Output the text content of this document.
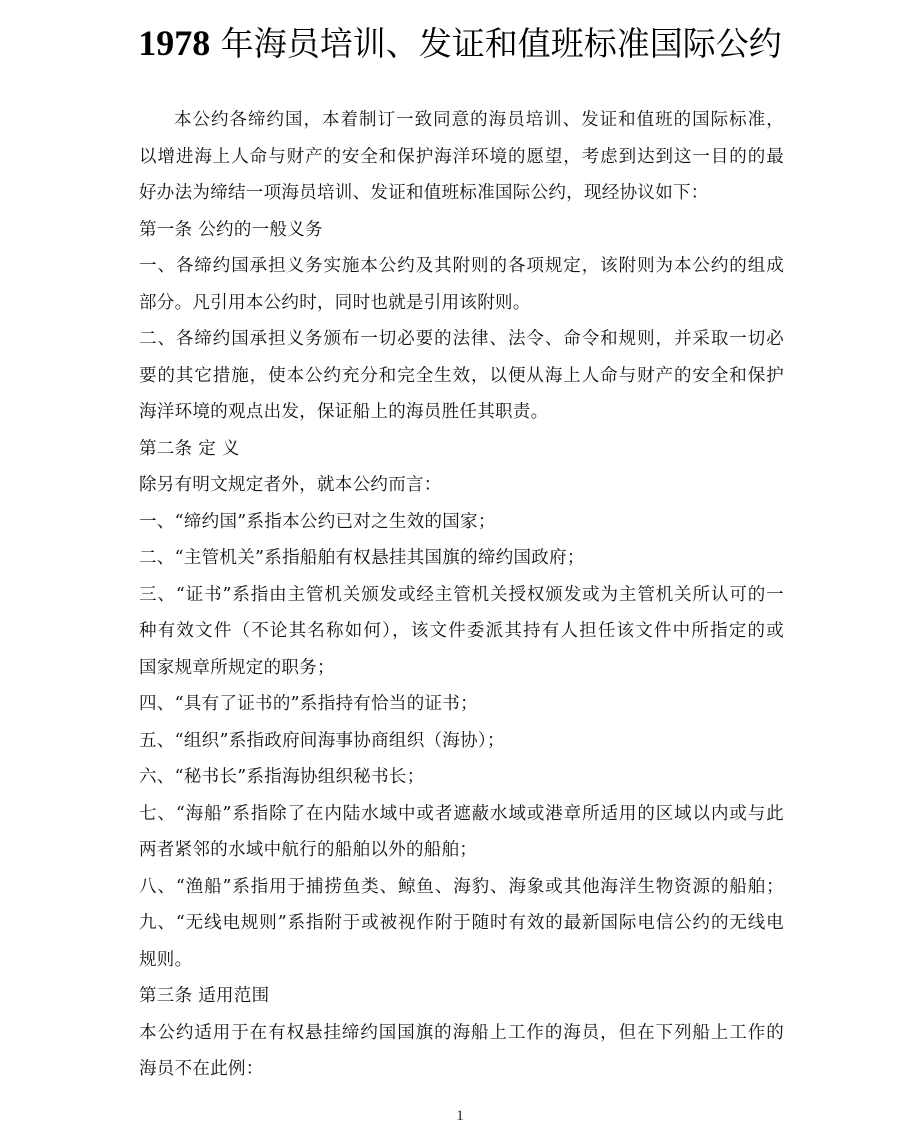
1978 年海员培训、发证和值班标准国际公约
本公约各缔约国，本着制订一致同意的海员培训、发证和值班的国际标准，
以增进海上人命与财产的安全和保护海洋环境的愿望，考虑到达到这一目的的最
好办法为缔结一项海员培训、发证和值班标准国际公约，现经协议如下：
第一条 公约的一般义务
一、各缔约国承担义务实施本公约及其附则的各项规定，该附则为本公约的组成
部分。凡引用本公约时，同时也就是引用该附则。
二、各缔约国承担义务颁布一切必要的法律、法令、命令和规则，并采取一切必
要的其它措施，使本公约充分和完全生效，以便从海上人命与财产的安全和保护
海洋环境的观点出发，保证船上的海员胜任其职责。
第二条 定 义
除另有明文规定者外，就本公约而言：
一、“缔约国”系指本公约已对之生效的国家；
二、“主管机关”系指船舶有权悬挂其国旗的缔约国政府；
三、“证书”系指由主管机关颁发或经主管机关授权颁发或为主管机关所认可的一
种有效文件（不论其名称如何），该文件委派其持有人担任该文件中所指定的或
国家规章所规定的职务；
四、“具有了证书的”系指持有恰当的证书；
五、“组织”系指政府间海事协商组织（海协）；
六、“秘书长”系指海协组织秘书长；
七、“海船”系指除了在内陆水域中或者遮蔽水域或港章所适用的区域以内或与此
两者紧邻的水域中航行的船舶以外的船舶；
八、“渔船”系指用于捕捞鱼类、鲸鱼、海豹、海象或其他海洋生物资源的船舶；
九、“无线电规则”系指附于或被视作附于随时有效的最新国际电信公约的无线电
规则。
第三条 适用范围
本公约适用于在有权悬挂缔约国国旗的海船上工作的海员，但在下列船上工作的
海员不在此例：
1
